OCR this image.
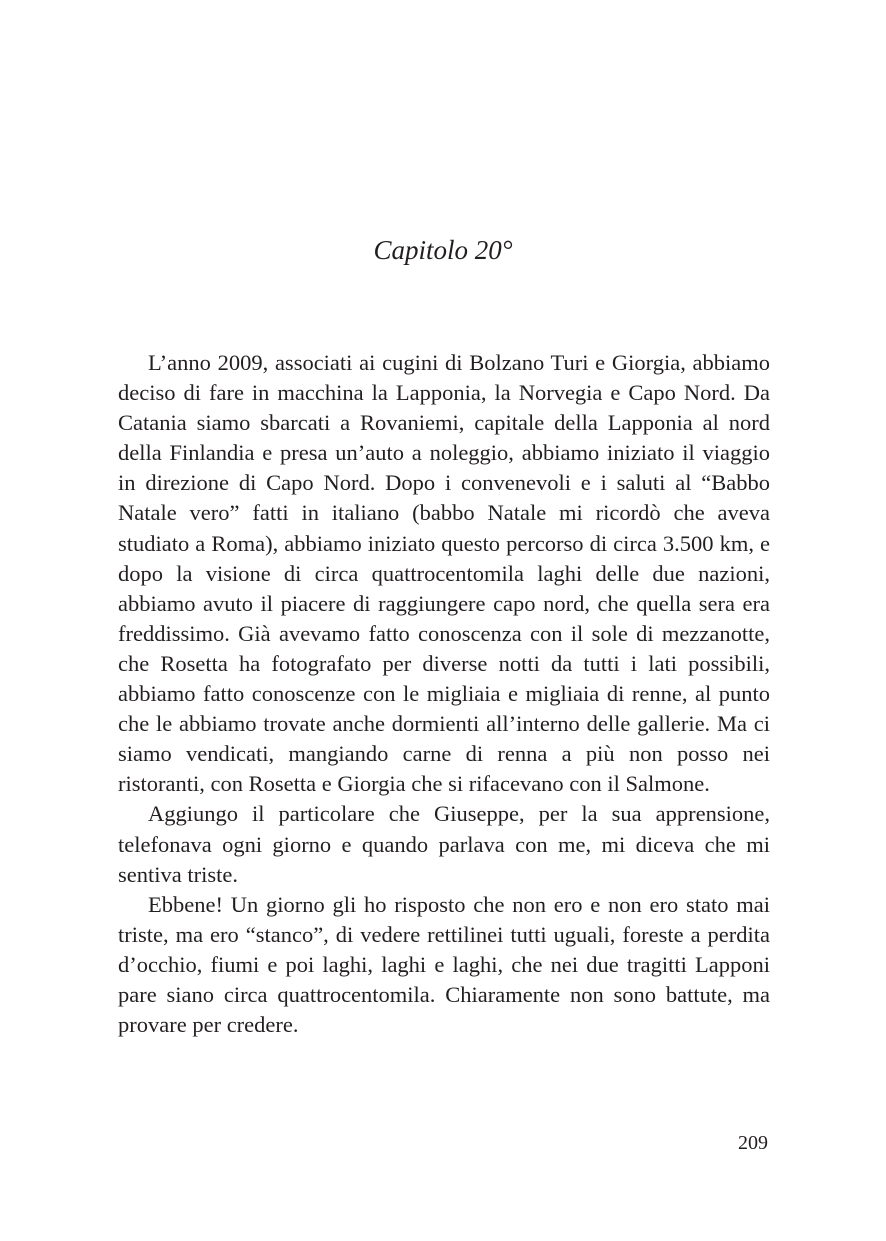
Capitolo 20°

L’anno 2009, associati ai cugini di Bolzano Turi e Giorgia, abbiamo deciso di fare in macchina la Lapponia, la Norvegia e Capo Nord. Da Catania siamo sbarcati a Rovaniemi, capitale della Lapponia al nord della Finlandia e presa un’auto a noleggio, abbiamo iniziato il viaggio in direzione di Capo Nord. Dopo i convenevoli e i saluti al “Babbo Natale vero” fatti in italiano (babbo Natale mi ricordò che aveva studiato a Roma), abbiamo iniziato questo percorso di circa 3.500 km, e dopo la visione di circa quattrocentomila laghi delle due nazioni, abbiamo avuto il piacere di raggiungere capo nord, che quella sera era freddissimo. Già avevamo fatto conoscenza con il sole di mezzanotte, che Rosetta ha fotografato per diverse notti da tutti i lati possibili, abbiamo fatto conoscenze con le migliaia e migliaia di renne, al punto che le abbiamo trovate anche dormienti all’interno delle gallerie. Ma ci siamo vendicati, mangiando carne di renna a più non posso nei ristoranti, con Rosetta e Giorgia che si rifacevano con il Salmone.

Aggiungo il particolare che Giuseppe, per la sua apprensione, telefonava ogni giorno e quando parlava con me, mi diceva che mi sentiva triste.

Ebbene! Un giorno gli ho risposto che non ero e non ero stato mai triste, ma ero “stanco”, di vedere rettilinei tutti uguali, foreste a perdita d’occhio, fiumi e poi laghi, laghi e laghi, che nei due tragitti Lapponi pare siano circa quattrocentomila. Chiaramente non sono battute, ma provare per credere.

209
